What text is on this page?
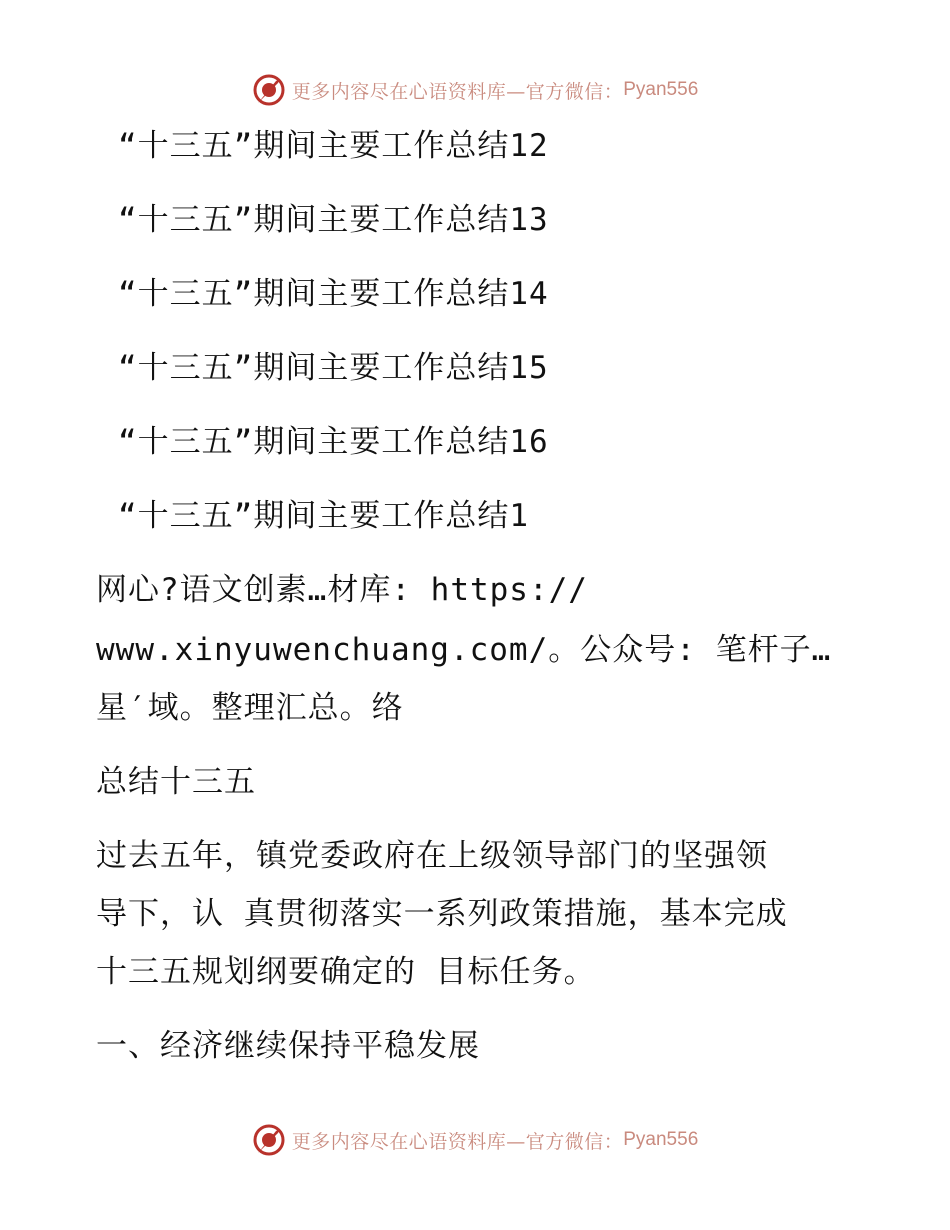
更多内容尽在心语资料库—官方微信： Pyan556
“十三五”期间主要工作总结12
“十三五”期间主要工作总结13
“十三五”期间主要工作总结14
“十三五”期间主要工作总结15
“十三五”期间主要工作总结16
“十三五”期间主要工作总结1
网心?语文创素…材库: https://
www.xinyuwenchuang.com/。公众号: 笔杆子…
星′域。整理汇总。络
总结十三五
过去五年，镇党委政府在上级领导部门的坚强领
导下，认 真贯彻落实一系列政策措施，基本完成
十三五规划纲要确定的 目标任务。
一、经济继续保持平稳发展
更多内容尽在心语资料库—官方微信： Pyan556
